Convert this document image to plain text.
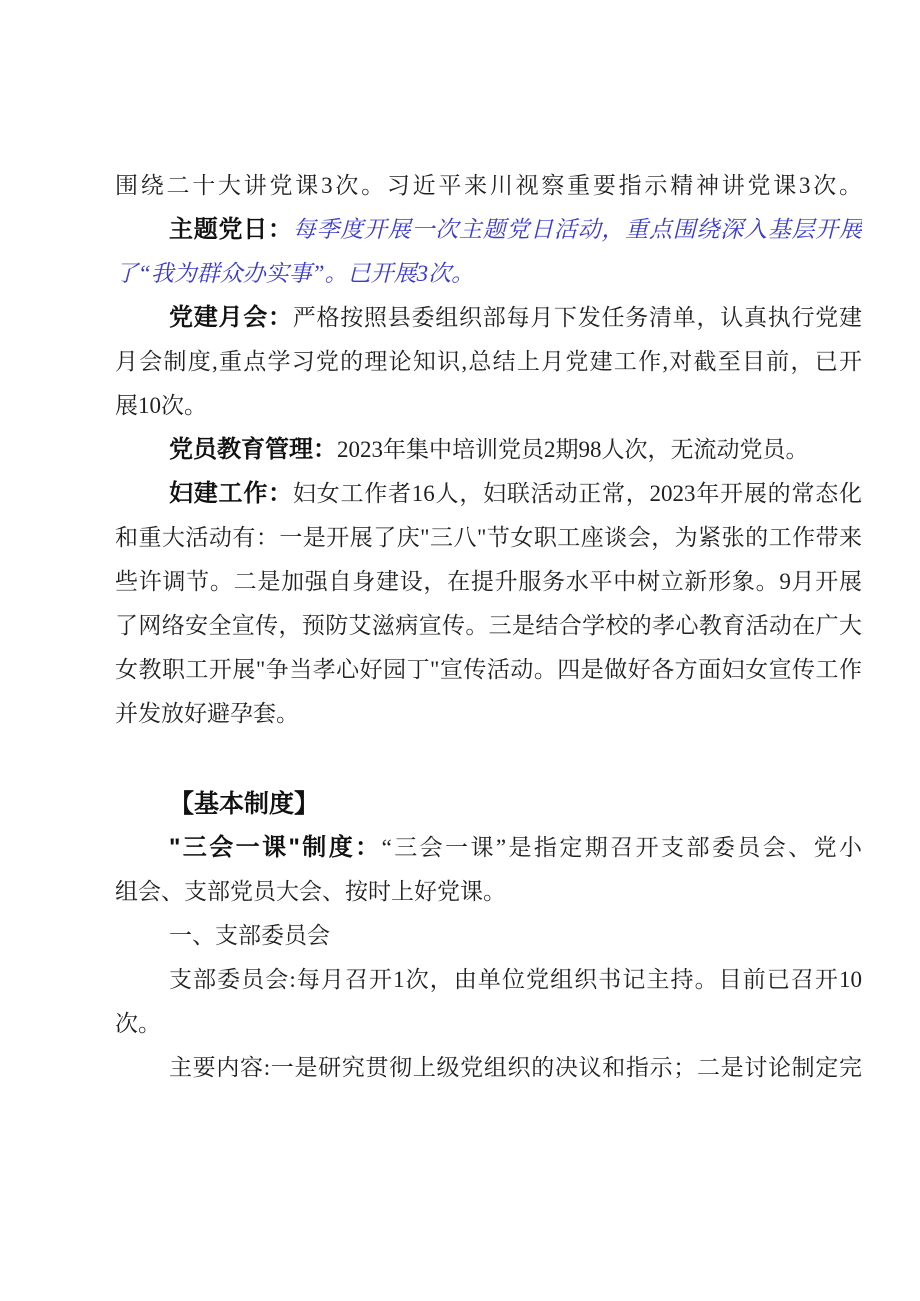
围绕二十大讲党课3次。习近平来川视察重要指示精神讲党课3次。
主题党日：每季度开展一次主题党日活动，重点围绕深入基层开展
了“我为群众办实事”。已开展3次。
党建月会：严格按照县委组织部每月下发任务清单，认真执行党建
月会制度,重点学习党的理论知识,总结上月党建工作,对截至目前，已开
展10次。
党员教育管理：2023年集中培训党员2期98人次，无流动党员。
妇建工作：妇女工作者16人，妇联活动正常，2023年开展的常态化
和重大活动有：一是开展了庆"三八"节女职工座谈会，为紧张的工作带来
些许调节。二是加强自身建设，在提升服务水平中树立新形象。9月开展
了网络安全宣传，预防艾滋病宣传。三是结合学校的孝心教育活动在广大
女教职工开展"争当孝心好园丁"宣传活动。四是做好各方面妇女宣传工作
并发放好避孕套。
【基本制度】
"三会一课"制度：“三会一课”是指定期召开支部委员会、党小
组会、支部党员大会、按时上好党课。
一、支部委员会
支部委员会:每月召开1次，由单位党组织书记主持。目前已召开10
次。
主要内容:一是研究贯彻上级党组织的决议和指示；二是讨论制定完
